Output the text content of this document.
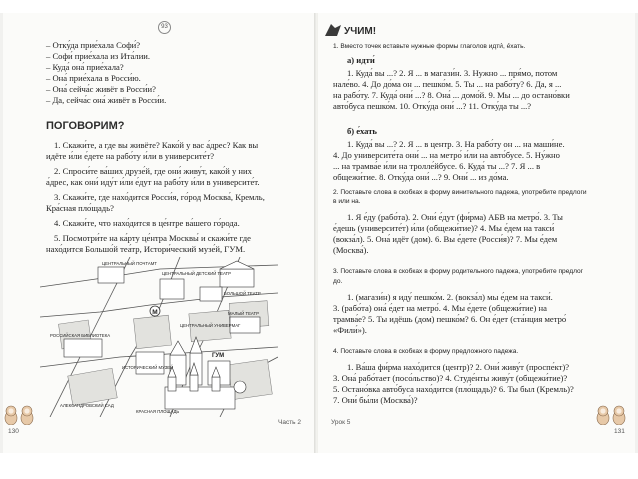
93
– Отку́да прие́хала Софи́?
– Софи́ прие́хала из Ита́лии.
– Куда́ она́ прие́хала?
– Она́ прие́хала в Росси́ю.
– Она́ сейча́с живёт в Росси́и?
– Да, сейча́с она́ живёт в Росси́и.
ПОГОВОРИМ?
1. Скажи́те, а где вы живёте? Како́й у вас а́дрес? Как вы
идёте и́ли е́дете на рабо́ту и́ли в университе́т?
2. Спроси́те ва́ших друзе́й, где они́ живу́т, како́й у них
а́дрес, как они́ иду́т и́ли е́дут на рабо́ту и́ли в университе́т.
3. Скажи́те, где нахо́дится Росси́я, го́род Москва́, Кремль,
Кра́сная пло́щадь?
4. Скажи́те, что нахо́дится в це́нтре ва́шего го́рода.
5. Посмотри́те на ка́рту це́нтра Москвы́ и скажи́те где
нахо́дится Большо́й теа́тр, Истори́ческий музе́й, ГУМ.
М
ЦЕНТРАЛЬНЫЙ ПОЧТАМТ
БОЛЬШОЙ ТЕАТР
ЦЕНТРАЛЬНЫЙ ДЕТСКИЙ ТЕАТР
МАЛЫЙ ТЕАТР
ЦЕНТРАЛЬНЫЙ УНИВЕРМАГ
РОССИЙСКАЯ БИБЛИОТЕКА
ИСТОРИЧЕСКИЙ МУЗЕЙ
АЛЕКСАНДРОВСКИЙ САД
ГУМ
КРАСНАЯ ПЛОЩАДЬ
130
Часть 2
УЧИМ!
1. Вместо точек вставьте нужные формы глаголов идти́, е́хать.
а) идти́
1. Куда́ вы ...? 2. Я ... в магази́н. 3. Нужно ... пря́мо, потом
нале́во. 4. До до́ма он ... пешко́м. 5. Ты ... на рабо́ту? 6. Да, я ...
на рабо́ту. 7. Куда́ они́ ...? 8. Она́ ... домо́й. 9. Мы ... до остано́вки
авто́буса пешко́м. 10. Отку́да они́ ...? 11. Отку́да ты ...?
б) е́хать
1. Куда́ вы ...? 2. Я ... в центр. 3. На рабо́ту он ... на маши́не.
4. До университе́та они́ ... на метро́ и́ли на авто́бусе. 5. Ну́жно
... на трамва́е и́ли на тролле́йбусе. 6. Куда́ ты ...? 7. Я ... в
общежи́тие. 8. Отку́да они́ ...? 9. Они́ ... из до́ма.
2. Поставьте слова в скобках в форму винительного падежа, употребите предлоги
в или на.
1. Я е́ду (рабо́та). 2. Они́ е́дут (фи́рма) АБВ на метро́. 3. Ты
е́дешь (университе́т) и́ли (общежи́тие)? 4. Мы е́дем на такси́
(вокза́л). 5. Она́ идёт (дом). 6. Вы е́дете (Росси́я)? 7. Мы е́дем
(Москва́).
3. Поставьте слова в скобках в форму родительного падежа, употребите предлог
до.
1. (магази́н) я иду́ пешко́м. 2. (вокза́л) мы е́дем на такси́.
3. (рабо́та) она́ е́дет на метро́. 4. Мы е́дете (общежи́тие) на
трамва́е? 5. Ты идёшь (дом) пешко́м? 6. Он е́дет (ста́нция метро́
«Фили́»).
4. Поставьте слова в скобках в форму предложного падежа.
1. Ва́ша фи́рма нахо́дится (центр)? 2. Они́ живу́т (проспе́кт)?
3. Она́ рабо́тает (посо́льство)? 4. Студе́нты живу́т (общежи́тие)?
5. Остано́вка авто́буса нахо́дится (пло́щадь)? 6. Ты был (Кремль)?
7. Они́ бы́ли (Москва́)?
Урок 5
131
